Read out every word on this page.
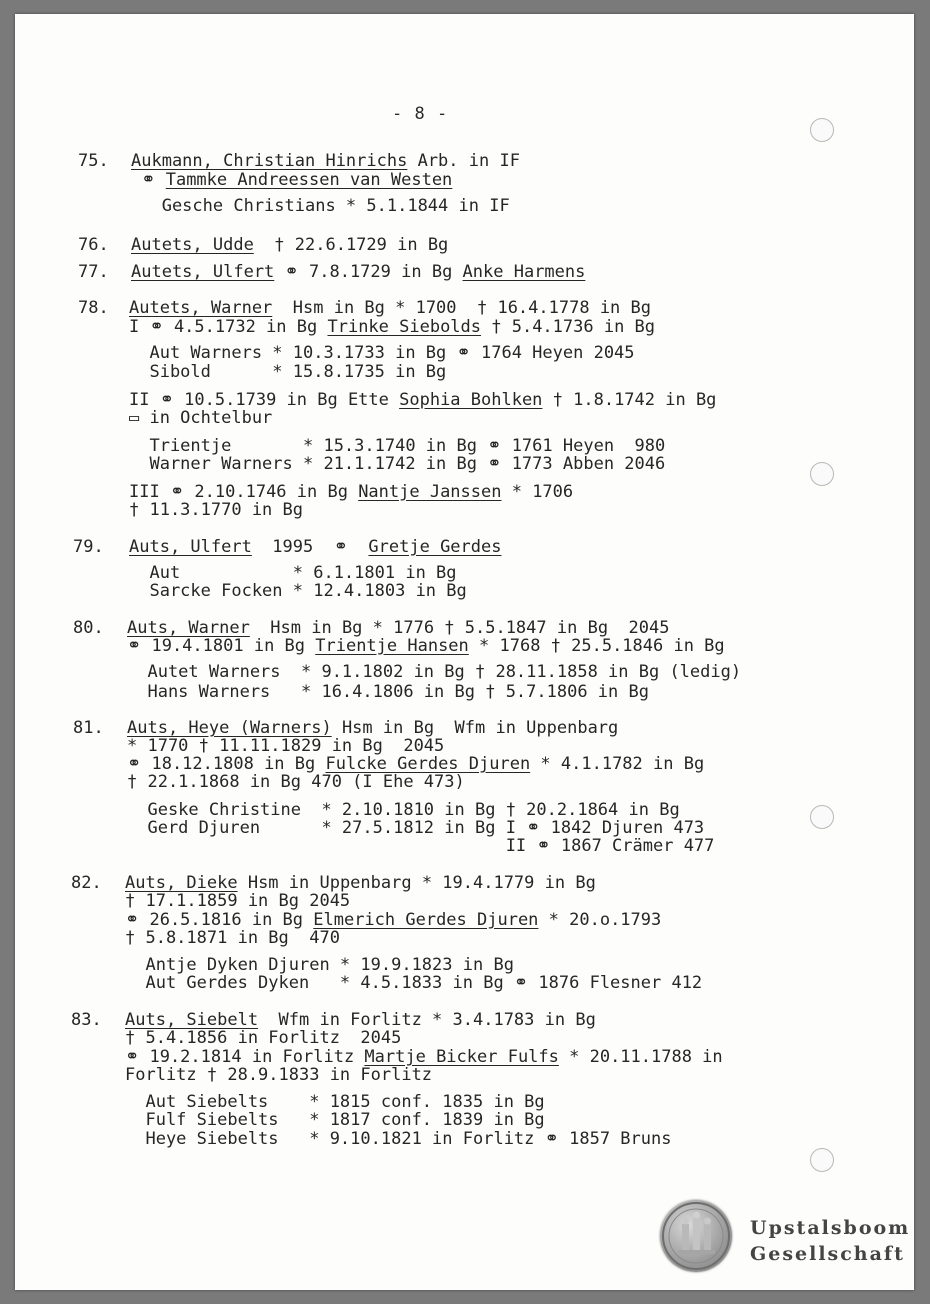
- 8 -
75. Aukmann, Christian Hinrichs Arb. in IF
⚭ Tammke Andreessen van Westen
Gesche Christians * 5.1.1844 in IF
76. Autets, Udde  † 22.6.1729 in Bg
77. Autets, Ulfert ⚭ 7.8.1729 in Bg Anke Harmens
78. Autets, Warner  Hsm in Bg * 1700  † 16.4.1778 in Bg
I ⚭ 4.5.1732 in Bg Trinke Siebolds † 5.4.1736 in Bg
Aut Warners * 10.3.1733 in Bg ⚭ 1764 Heyen 2045
Sibold      * 15.8.1735 in Bg
II ⚭ 10.5.1739 in Bg Ette Sophia Bohlken † 1.8.1742 in Bg
▭ in Ochtelbur
Trientje       * 15.3.1740 in Bg ⚭ 1761 Heyen  980
Warner Warners * 21.1.1742 in Bg ⚭ 1773 Abben 2046
III ⚭ 2.10.1746 in Bg Nantje Janssen * 1706
† 11.3.1770 in Bg
79. Auts, Ulfert  1995  ⚭  Gretje Gerdes
Aut           * 6.1.1801 in Bg
Sarcke Focken * 12.4.1803 in Bg
80. Auts, Warner  Hsm in Bg * 1776 † 5.5.1847 in Bg  2045
⚭ 19.4.1801 in Bg Trientje Hansen * 1768 † 25.5.1846 in Bg
Autet Warners  * 9.1.1802 in Bg † 28.11.1858 in Bg (ledig)
Hans Warners   * 16.4.1806 in Bg † 5.7.1806 in Bg
81. Auts, Heye (Warners) Hsm in Bg  Wfm in Uppenbarg
* 1770 † 11.11.1829 in Bg  2045
⚭ 18.12.1808 in Bg Fulcke Gerdes Djuren * 4.1.1782 in Bg
† 22.1.1868 in Bg 470 (I Ehe 473)
Geske Christine  * 2.10.1810 in Bg † 20.2.1864 in Bg
Gerd Djuren      * 27.5.1812 in Bg I ⚭ 1842 Djuren 473
II ⚭ 1867 Crämer 477
82. Auts, Dieke Hsm in Uppenbarg * 19.4.1779 in Bg
† 17.1.1859 in Bg 2045
⚭ 26.5.1816 in Bg Elmerich Gerdes Djuren * 20.o.1793
† 5.8.1871 in Bg  470
Antje Dyken Djuren * 19.9.1823 in Bg
Aut Gerdes Dyken   * 4.5.1833 in Bg ⚭ 1876 Flesner 412
83. Auts, Siebelt  Wfm in Forlitz * 3.4.1783 in Bg
† 5.4.1856 in Forlitz  2045
⚭ 19.2.1814 in Forlitz Martje Bicker Fulfs * 20.11.1788 in
Forlitz † 28.9.1833 in Forlitz
Aut Siebelts    * 1815 conf. 1835 in Bg
Fulf Siebelts   * 1817 conf. 1839 in Bg
Heye Siebelts   * 9.10.1821 in Forlitz ⚭ 1857 Bruns
Upstalsboom
Gesellschaft
